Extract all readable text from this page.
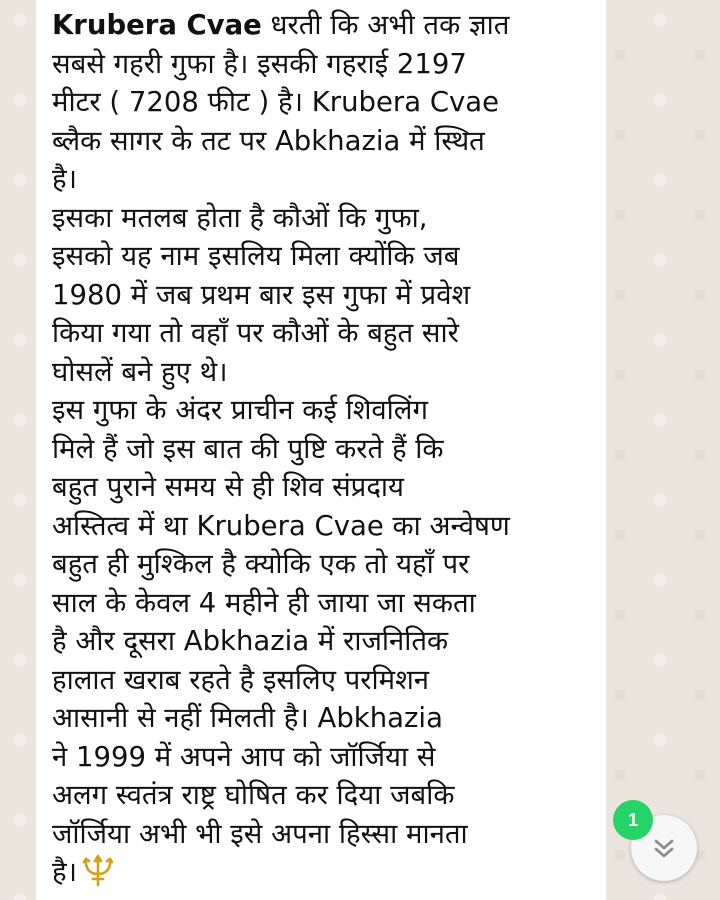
Krubera Cvae धरती कि अभी तक ज्ञात
सबसे गहरी गुफा है। इसकी गहराई 2197
मीटर ( 7208 फीट ) है। Krubera Cvae
ब्लैक सागर के तट पर Abkhazia में स्थित
है।
इसका मतलब होता है कौओं कि गुफा,
इसको यह नाम इसलिय मिला क्योंकि जब
1980 में जब प्रथम बार इस गुफा में प्रवेश
किया गया तो वहाँ पर कौओं के बहुत सारे
घोसलें बने हुए थे।
इस गुफा के अंदर प्राचीन कई शिवलिंग
मिले हैं जो इस बात की पुष्टि करते हैं कि
बहुत पुराने समय से ही शिव संप्रदाय
अस्तित्व में था Krubera Cvae का अन्वेषण
बहुत ही मुश्किल है क्योकि एक तो यहाँ पर
साल के केवल 4 महीने ही जाया जा सकता
है और दूसरा Abkhazia में राजनितिक
हालात खराब रहते है इसलिए परमिशन
आसानी से नहीं मिलती है। Abkhazia
ने 1999 में अपने आप को जॉर्जिया से
अलग स्वतंत्र राष्ट्र घोषित कर दिया जबकि
जॉर्जिया अभी भी इसे अपना हिस्सा मानता
है।

1
